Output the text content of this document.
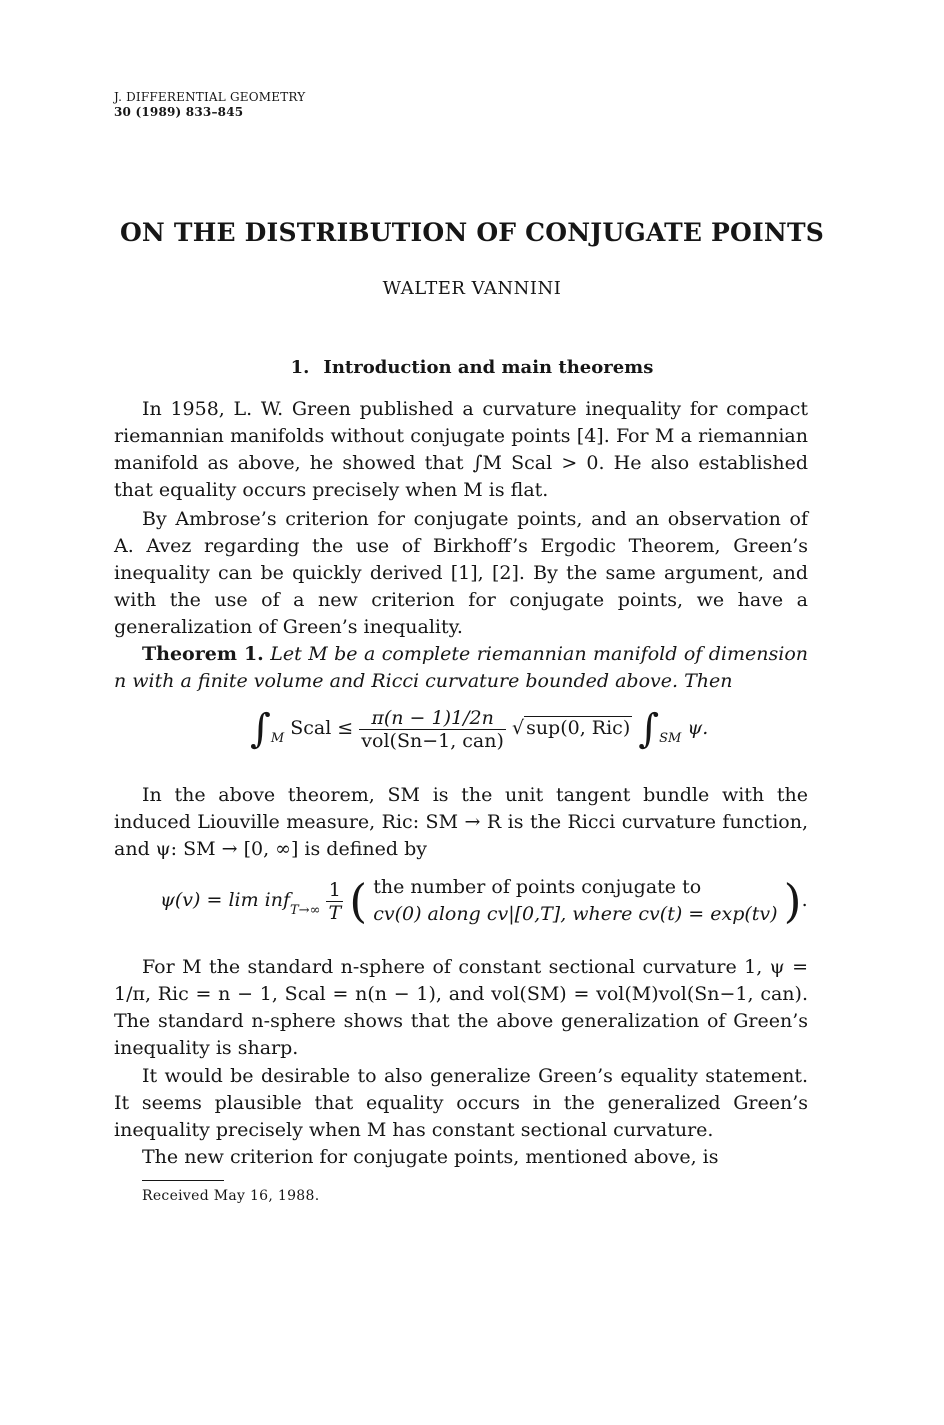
J. DIFFERENTIAL GEOMETRY
30 (1989) 833–845
ON THE DISTRIBUTION OF CONJUGATE POINTS
WALTER VANNINI
1. Introduction and main theorems
In 1958, L. W. Green published a curvature inequality for compact riemannian manifolds without conjugate points [4]. For M a riemannian manifold as above, he showed that ∫M Scal > 0. He also established that equality occurs precisely when M is flat.
By Ambrose’s criterion for conjugate points, and an observation of A. Avez regarding the use of Birkhoff’s Ergodic Theorem, Green’s inequality can be quickly derived [1], [2]. By the same argument, and with the use of a new criterion for conjugate points, we have a generalization of Green’s inequality.
Theorem 1. Let M be a complete riemannian manifold of dimension n with a finite volume and Ricci curvature bounded above. Then
$\int_M$ Scal ≤ $\frac{\pi(n - 1)1/2n}{\text{vol(Sn−1, can)}}$ √ sup(0, Ric) $\int_{SM}$ ψ.
In the above theorem, SM is the unit tangent bundle with the induced Liouville measure, Ric: SM → R is the Ricci curvature function, and ψ: SM → [0, ∞] is defined by
$\psi(v) = \lim inf_{T\to\infty} \frac{1}{T}$ ( the number of points conjugate to
cv(0) along cv|[0,T], where cv(t) = exp(tv) ).
For M the standard n-sphere of constant sectional curvature 1, ψ = 1/π, Ric = n − 1, Scal = n(n − 1), and vol(SM) = vol(M)vol(Sn−1, can). The standard n-sphere shows that the above generalization of Green’s inequality is sharp.
It would be desirable to also generalize Green’s equality statement. It seems plausible that equality occurs in the generalized Green’s inequality precisely when M has constant sectional curvature.
The new criterion for conjugate points, mentioned above, is
Received May 16, 1988.
